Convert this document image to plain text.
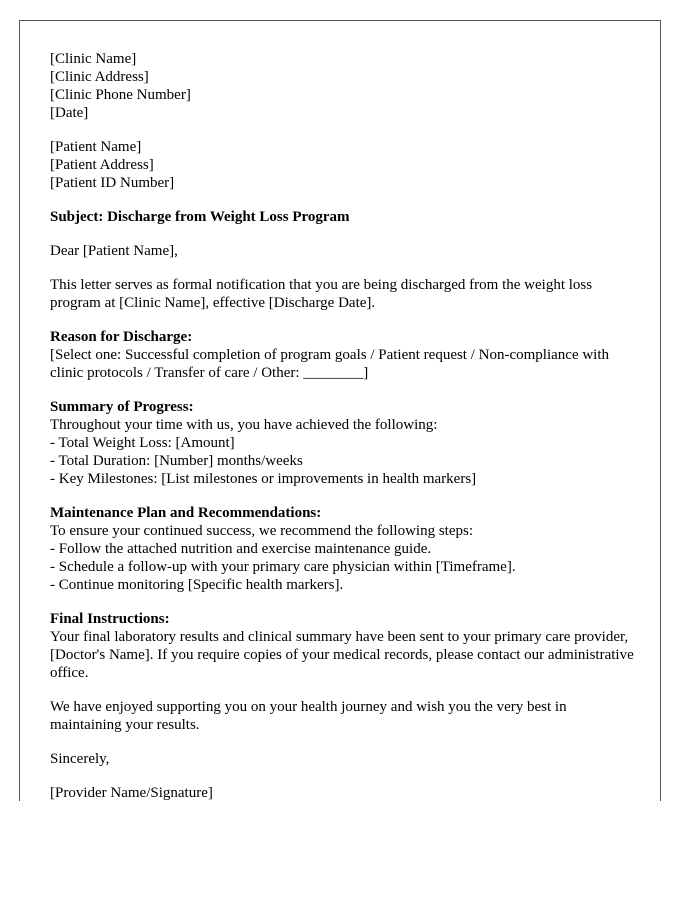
[Clinic Name]
[Clinic Address]
[Clinic Phone Number]
[Date]
[Patient Name]
[Patient Address]
[Patient ID Number]
Subject: Discharge from Weight Loss Program
Dear [Patient Name],

This letter serves as formal notification that you are being discharged from the weight loss program at [Clinic Name], effective [Discharge Date].

Reason for Discharge:

[Select one: Successful completion of program goals / Patient request / Non-compliance with clinic protocols / Transfer of care / Other: ________]

Summary of Progress:
Throughout your time with us, you have achieved the following:
- Total Weight Loss: [Amount]
- Total Duration: [Number] months/weeks
- Key Milestones: [List milestones or improvements in health markers]
Maintenance Plan and Recommendations:
To ensure your continued success, we recommend the following steps:
- Follow the attached nutrition and exercise maintenance guide.
- Schedule a follow-up with your primary care physician within [Timeframe].
- Continue monitoring [Specific health markers].
Final Instructions:

Your final laboratory results and clinical summary have been sent to your primary care provider, [Doctor's Name]. If you require copies of your medical records, please contact our administrative office.

We have enjoyed supporting you on your health journey and wish you the very best in maintaining your results.

Sincerely,
[Provider Name/Signature]
